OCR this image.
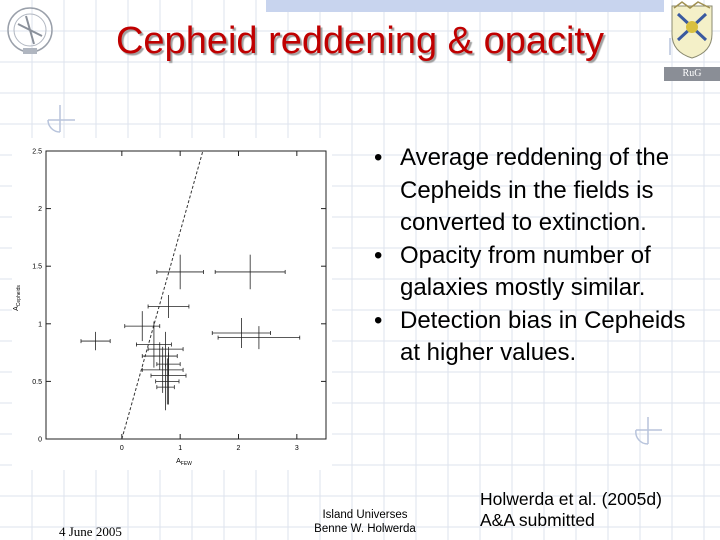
RuG
Cepheid reddening & opacity
0	1	2	3
0
0.5
1
1.5
2
2.5
$A_{FEW}$
$A_{Cepheids}$
• Average reddening of the Cepheids in the fields is converted to extinction.
• Opacity from number of galaxies mostly similar.
• Detection bias in Cepheids at higher values.
4 June 2005
Island Universes
Benne W. Holwerda
Holwerda et al. (2005d)
A&A submitted
